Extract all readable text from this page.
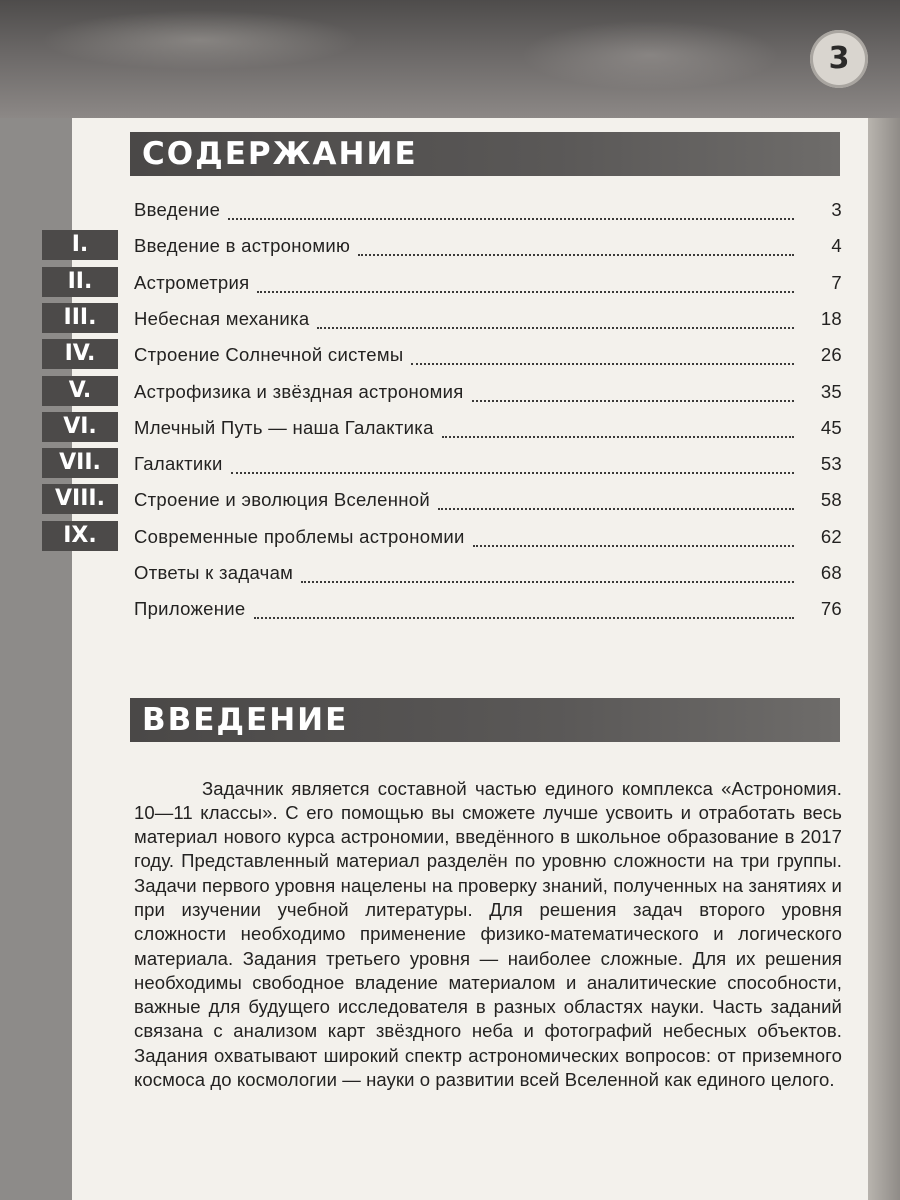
3
СОДЕРЖАНИЕ
Введение	3
I.	Введение в астрономию	4
II.	Астрометрия	7
III.	Небесная механика	18
IV.	Строение Солнечной системы	26
V.	Астрофизика и звёздная астрономия	35
VI.	Млечный Путь — наша Галактика	45
VII.	Галактики	53
VIII.	Строение и эволюция Вселенной	58
IX.	Современные проблемы астрономии	62
Ответы к задачам	68
Приложение	76
ВВЕДЕНИЕ

Задачник является составной частью единого комплекса «Астрономия. 10—11 классы». С его помощью вы сможете лучше усвоить и отработать весь материал нового курса астрономии, введённого в школьное образование в 2017 году. Представленный материал разделён по уровню сложности на три группы. Задачи первого уровня нацелены на проверку знаний, полученных на занятиях и при изучении учебной литературы. Для решения задач второго уровня сложности необходимо применение физико-математического и логического материала. Задания третьего уровня — наиболее сложные. Для их решения необходимы свободное владение материалом и аналитические способности, важные для будущего исследователя в разных областях науки. Часть заданий связана с анализом карт звёздного неба и фотографий небесных объектов. Задания охватывают широкий спектр астрономических вопросов: от приземного космоса до космологии — науки о развитии всей Вселенной как единого целого.
